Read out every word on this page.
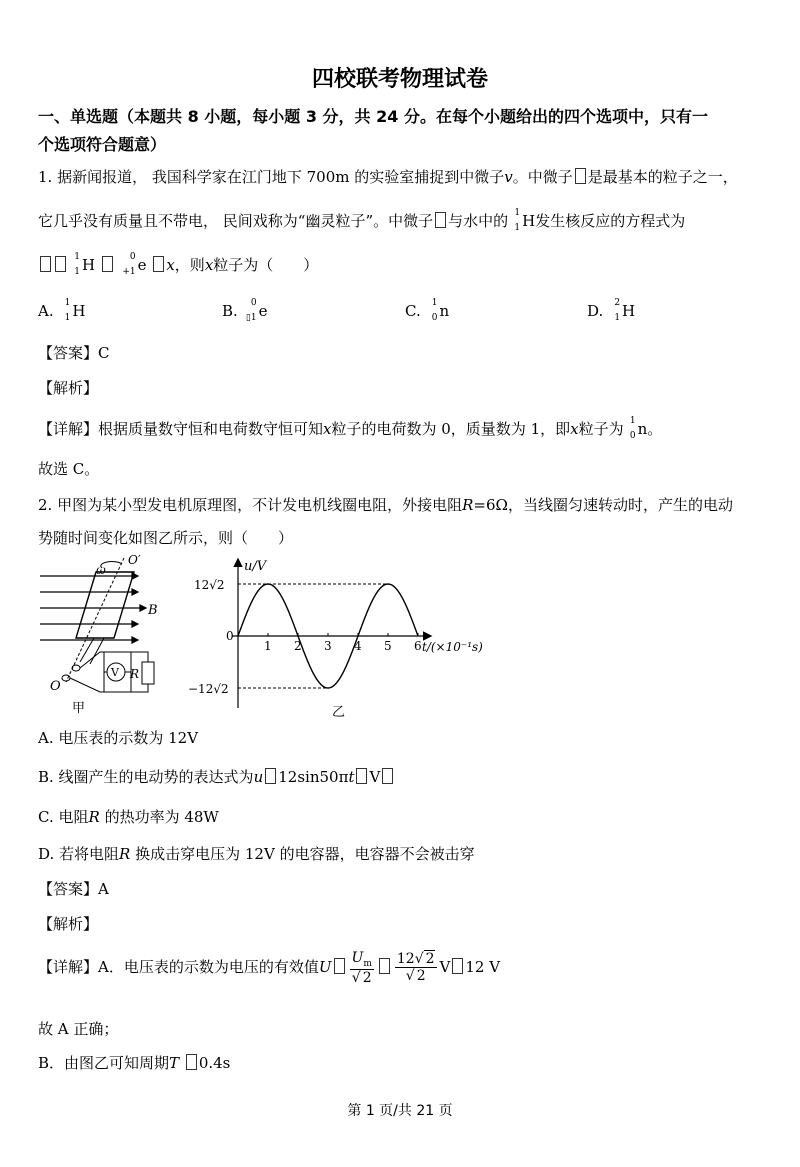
四校联考物理试卷
一、单选题（本题共 8 小题，每小题 3 分，共 24 分。在每个小题给出的四个选项中，只有一
个选项符合题意）
1. 据新闻报道， 我国科学家在江门地下 700m 的实验室捕捉到中微子v。中微子 是最基本的粒子之一，
它几乎没有质量且不带电， 民间戏称为“幽灵粒子”。中微子 与水中的 1
1 H发生核反应的方程式为
1
1 H	0
+1 e x，则x粒子为（　　）
A. 1
1 H	B. 0
▯1 e	C. 1
0 n	D. 2
1 H
【答案】C
【解析】
【详解】根据质量数守恒和电荷数守恒可知x粒子的电荷数为 0，质量数为 1，即x粒子为 1
0 n。
故选 C。
2. 甲图为某小型发电机原理图，不计发电机线圈电阻，外接电阻R=6Ω，当线圈匀速转动时，产生的电动
势随时间变化如图乙所示，则（　　）
ω
O′
B
V R
O
甲
u/V
12√2
−12√2
0
1 2 3 4 5 6 t/(×10⁻¹s)
乙
A. 电压表的示数为 12V
B. 线圈产生的电动势的表达式为u 12sin50πt V
C. 电阻R 的热功率为 48W
D. 若将电阻R 换成击穿电压为 12V 的电容器，电容器不会被击穿
【答案】A
【解析】
【详解】A．电压表的示数为电压的有效值U $\frac{U_m}{√ 2} \frac{12√ 2}{√ 2}$ V 12 V
故 A 正确；
B．由图乙可知周期T 0.4s
第 1 页/共 21 页
